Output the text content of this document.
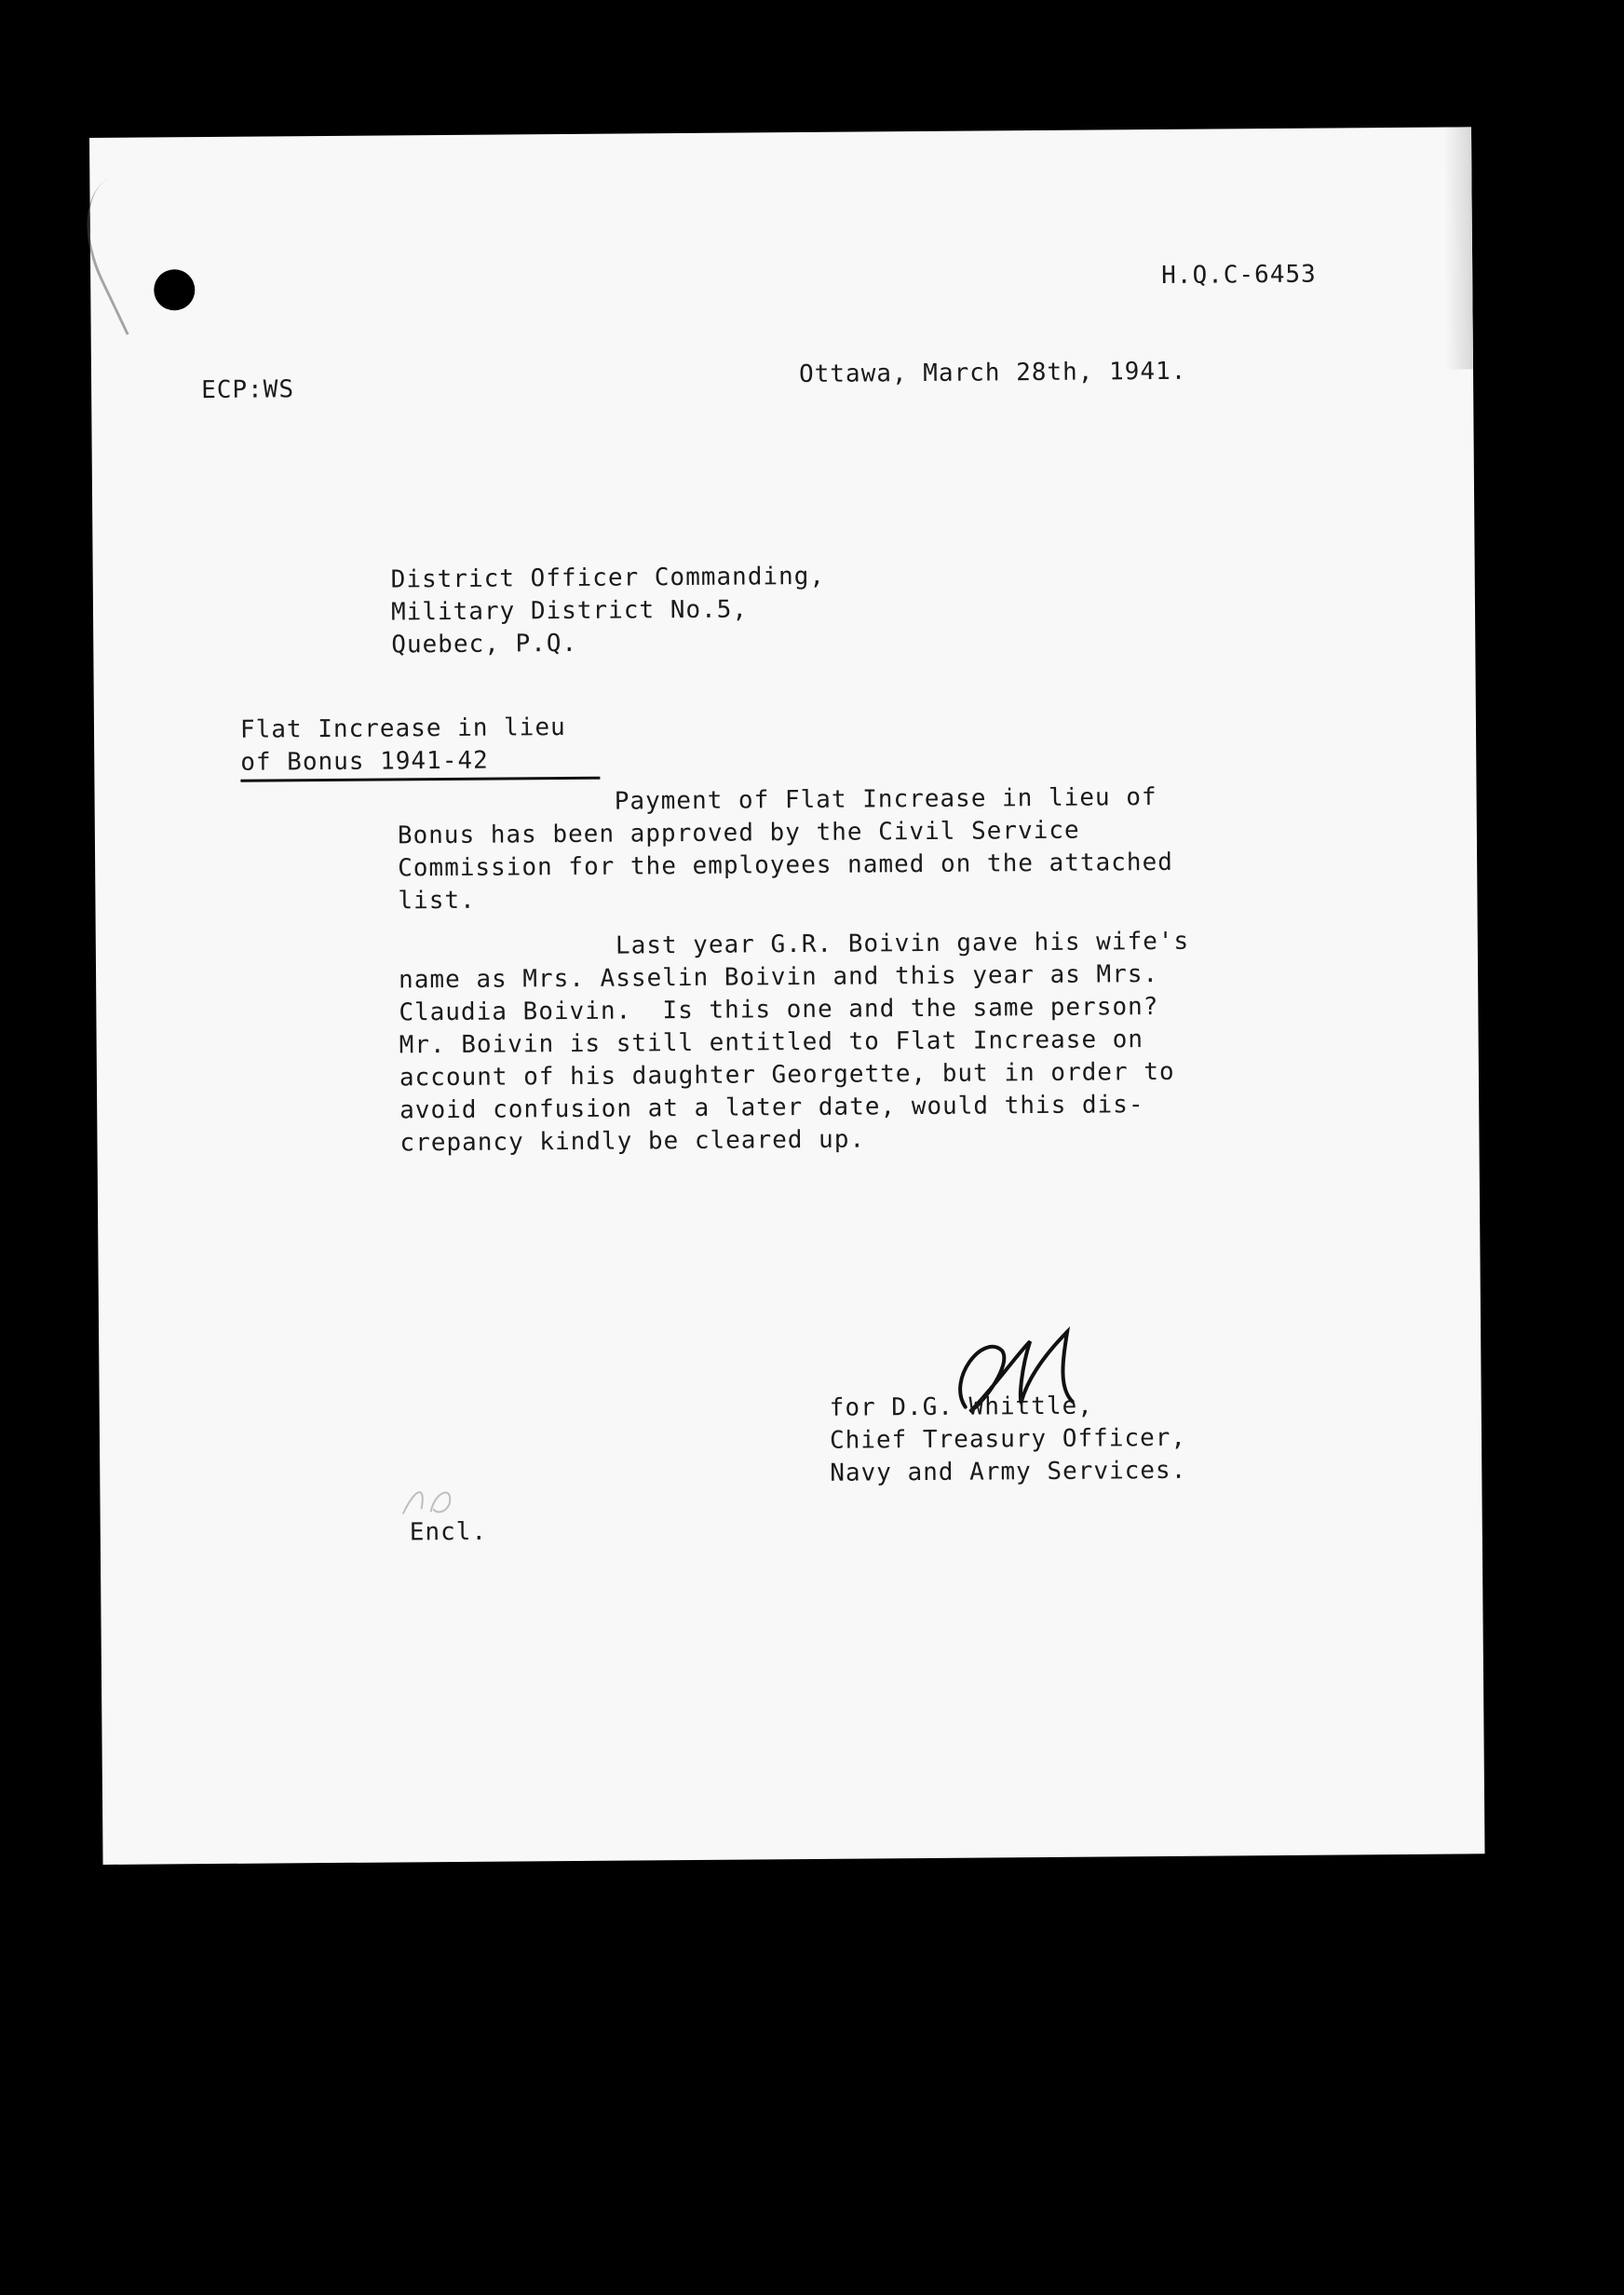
H.Q.C-6453
ECP:WS
Ottawa, March 28th, 1941.
District Officer Commanding,
Military District No.5,
Quebec, P.Q.
Flat Increase in lieu
of Bonus 1941-42
Payment of Flat Increase in lieu of
Bonus has been approved by the Civil Service
Commission for the employees named on the attached
list.
Last year G.R. Boivin gave his wife's
name as Mrs. Asselin Boivin and this year as Mrs.
Claudia Boivin.  Is this one and the same person?
Mr. Boivin is still entitled to Flat Increase on
account of his daughter Georgette, but in order to
avoid confusion at a later date, would this dis-
crepancy kindly be cleared up.
for D.G. Whittle,
Chief Treasury Officer,
Navy and Army Services.
Encl.
